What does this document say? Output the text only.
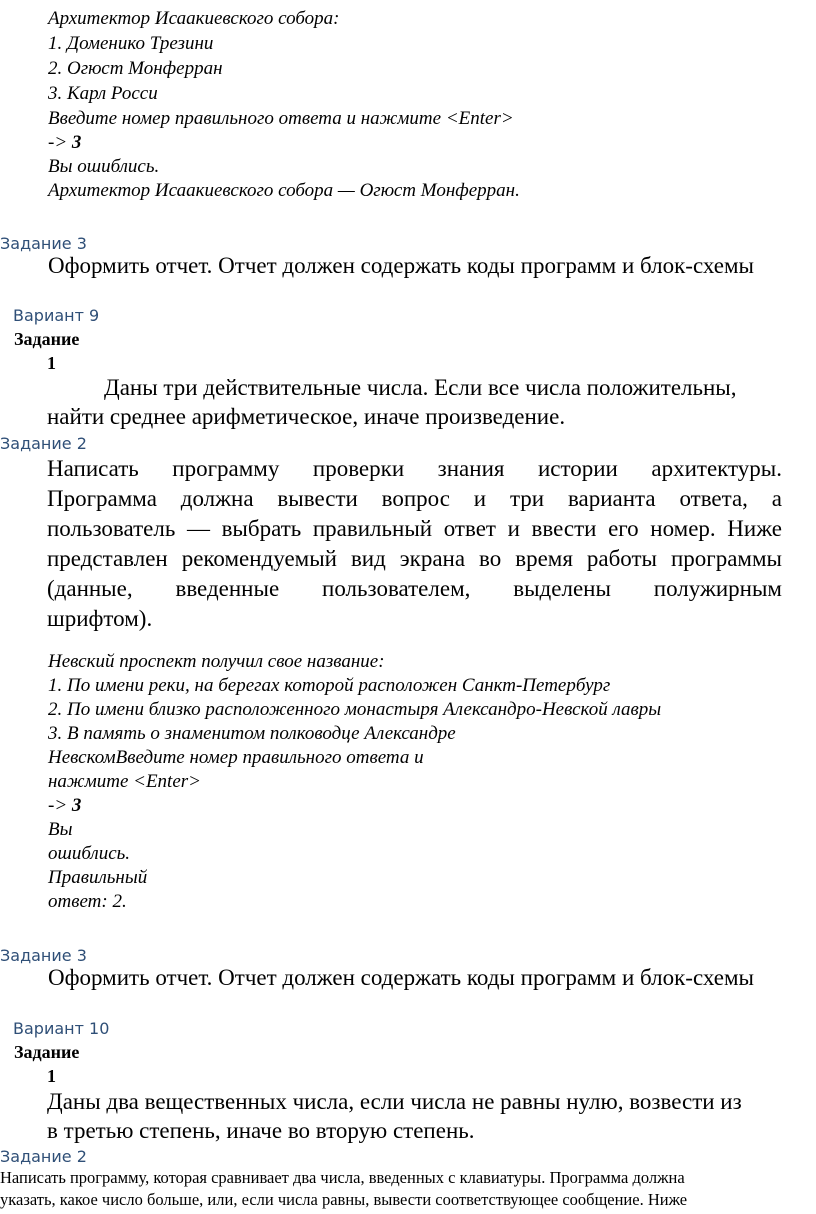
Архитектор Исаакиевского собора:
1. Доменико Трезини
2. Огюст Монферран
3. Карл Росси
Введите номер правильного ответа и нажмите <Enter>
-> 3
Вы ошиблись.
Архитектор Исаакиевского собора — Огюст Монферран.
Задание 3
Оформить отчет. Отчет должен содержать коды программ и блок-схемы
Вариант 9
Задание
1
Даны три действительные числа. Если все числа положительны,
найти среднее арифметическое, иначе произведение.
Задание 2
Написать программу проверки знания истории архитектуры.
Программа должна вывести вопрос и три варианта ответа, а
пользователь — выбрать правильный ответ и ввести его номер. Ниже
представлен рекомендуемый вид экрана во время работы программы
(данные, введенные пользователем, выделены полужирным
шрифтом).
Невский проспект получил свое название:
1. По имени реки, на берегах которой расположен Санкт-Петербург
2. По имени близко расположенного монастыря Александро-Невской лавры
3. В память о знаменитом полководце Александре
НевскомВведите номер правильного ответа и
нажмите <Enter>
-> 3
Вы
ошиблись.
Правильный
ответ: 2.
Задание 3
Оформить отчет. Отчет должен содержать коды программ и блок-схемы
Вариант 10
Задание
1
Даны два вещественных числа, если числа не равны нулю, возвести из
в третью степень, иначе во вторую степень.
Задание 2
Написать программу, которая сравнивает два числа, введенных с клавиатуры. Программа должна
указать, какое число больше, или, если числа равны, вывести соответствующее сообщение. Ниже
